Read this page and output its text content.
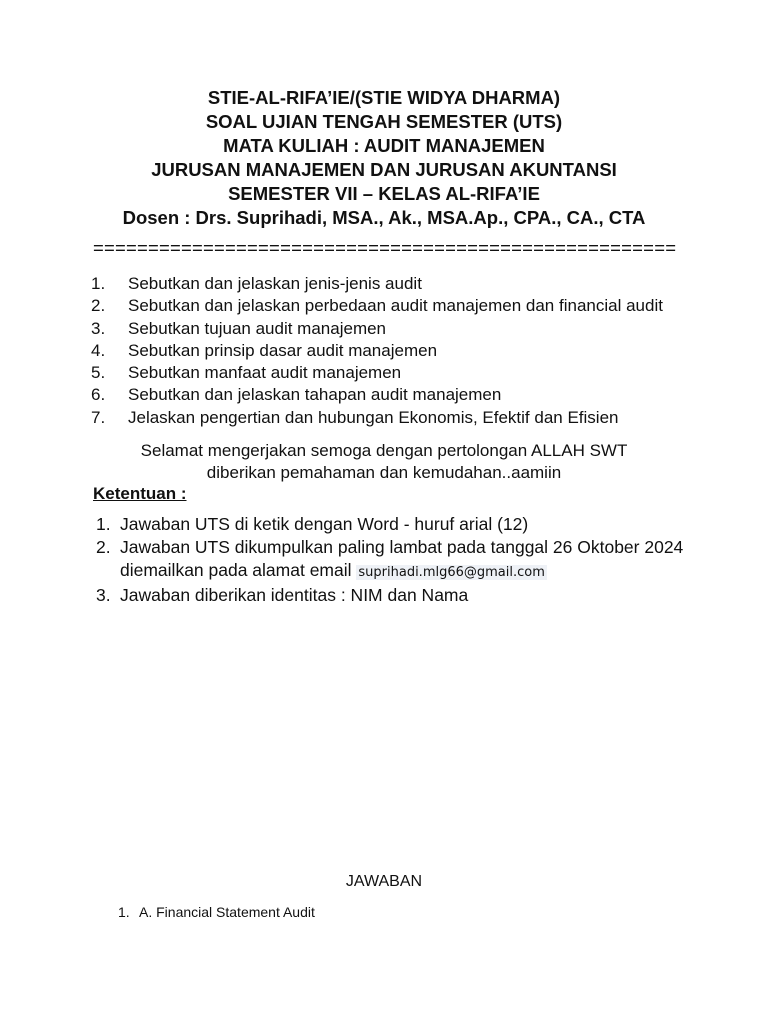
STIE-AL-RIFA’IE/(STIE WIDYA DHARMA)
SOAL UJIAN TENGAH SEMESTER (UTS)
MATA KULIAH : AUDIT MANAJEMEN
JURUSAN MANAJEMEN DAN JURUSAN AKUNTANSI
SEMESTER VII – KELAS AL-RIFA’IE
Dosen : Drs. Suprihadi, MSA., Ak., MSA.Ap., CPA., CA., CTA
=====================================================
1.	Sebutkan dan jelaskan jenis-jenis audit
2.	Sebutkan dan jelaskan perbedaan audit manajemen dan financial audit
3.	Sebutkan tujuan audit manajemen
4.	Sebutkan prinsip dasar audit manajemen
5.	Sebutkan manfaat audit manajemen
6.	Sebutkan dan jelaskan tahapan audit manajemen
7.	Jelaskan pengertian dan hubungan Ekonomis, Efektif dan Efisien
Selamat mengerjakan semoga dengan pertolongan ALLAH SWT
diberikan pemahaman dan kemudahan..aamiin
Ketentuan :
1. Jawaban UTS di ketik dengan Word - huruf arial (12)
2. Jawaban UTS dikumpulkan paling lambat pada tanggal 26 Oktober 2024
diemailkan pada alamat email suprihadi.mlg66@gmail.com
3. Jawaban diberikan identitas : NIM dan Nama
JAWABAN
1. A. Financial Statement Audit
